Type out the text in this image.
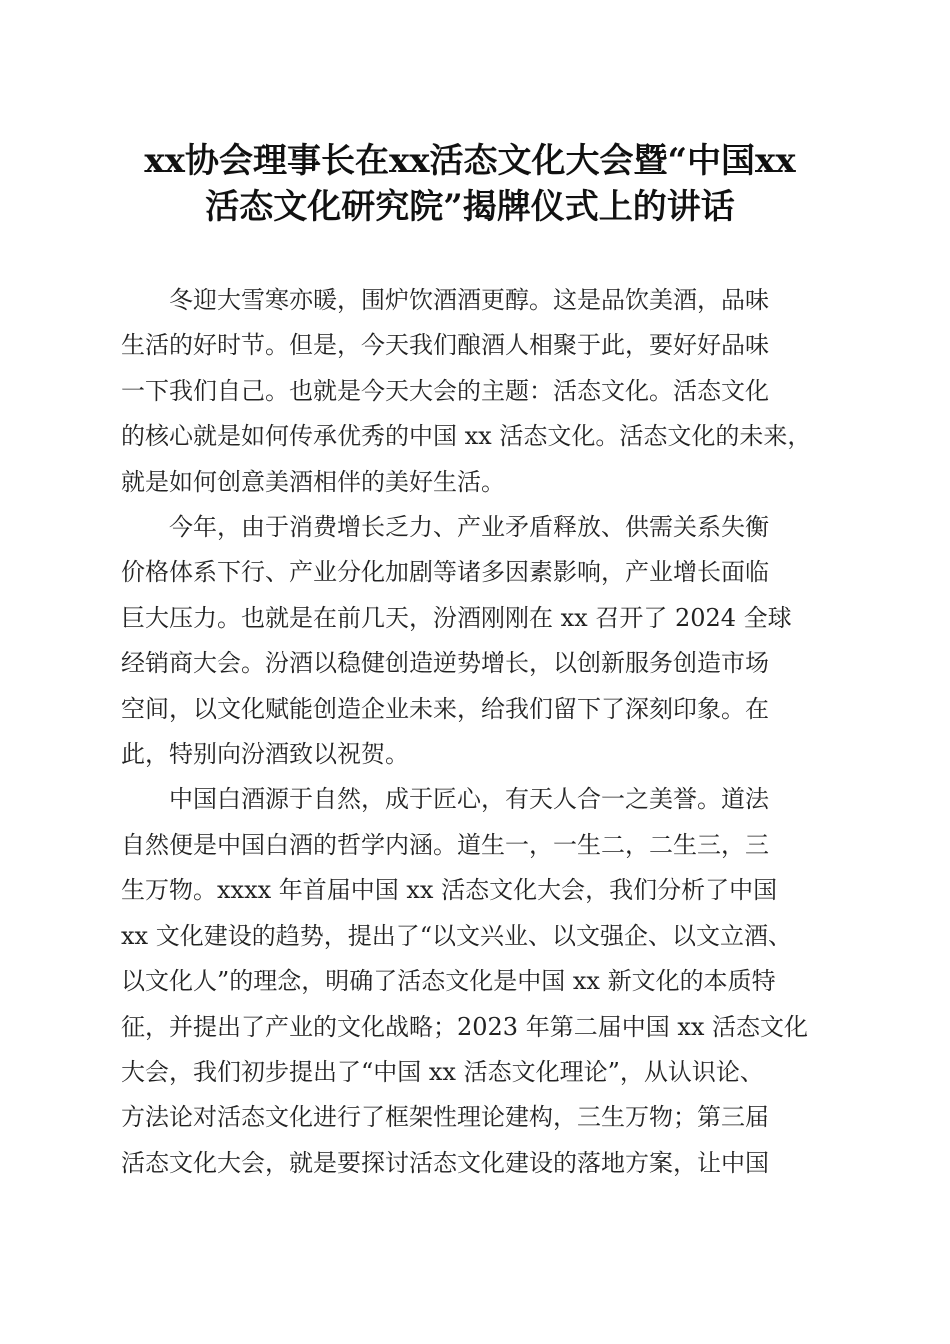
xx协会理事长在xx活态文化大会暨“中国xx
活态文化研究院”揭牌仪式上的讲话

冬迎大雪寒亦暖，围炉饮酒酒更醇。这是品饮美酒，品味
生活的好时节。但是，今天我们酿酒人相聚于此，要好好品味
一下我们自己。也就是今天大会的主题：活态文化。活态文化
的核心就是如何传承优秀的中国 xx 活态文化。活态文化的未来，
就是如何创意美酒相伴的美好生活。

今年，由于消费增长乏力、产业矛盾释放、供需关系失衡
价格体系下行、产业分化加剧等诸多因素影响，产业增长面临
巨大压力。也就是在前几天，汾酒刚刚在 xx 召开了 2024 全球
经销商大会。汾酒以稳健创造逆势增长，以创新服务创造市场
空间，以文化赋能创造企业未来，给我们留下了深刻印象。在
此，特别向汾酒致以祝贺。

中国白酒源于自然，成于匠心，有天人合一之美誉。道法
自然便是中国白酒的哲学内涵。道生一，一生二，二生三，三
生万物。xxxx 年首届中国 xx 活态文化大会，我们分析了中国
xx 文化建设的趋势，提出了“以文兴业、以文强企、以文立酒、
以文化人”的理念，明确了活态文化是中国 xx 新文化的本质特
征，并提出了产业的文化战略；2023 年第二届中国 xx 活态文化
大会，我们初步提出了“中国 xx 活态文化理论”，从认识论、
方法论对活态文化进行了框架性理论建构，三生万物；第三届
活态文化大会，就是要探讨活态文化建设的落地方案，让中国
